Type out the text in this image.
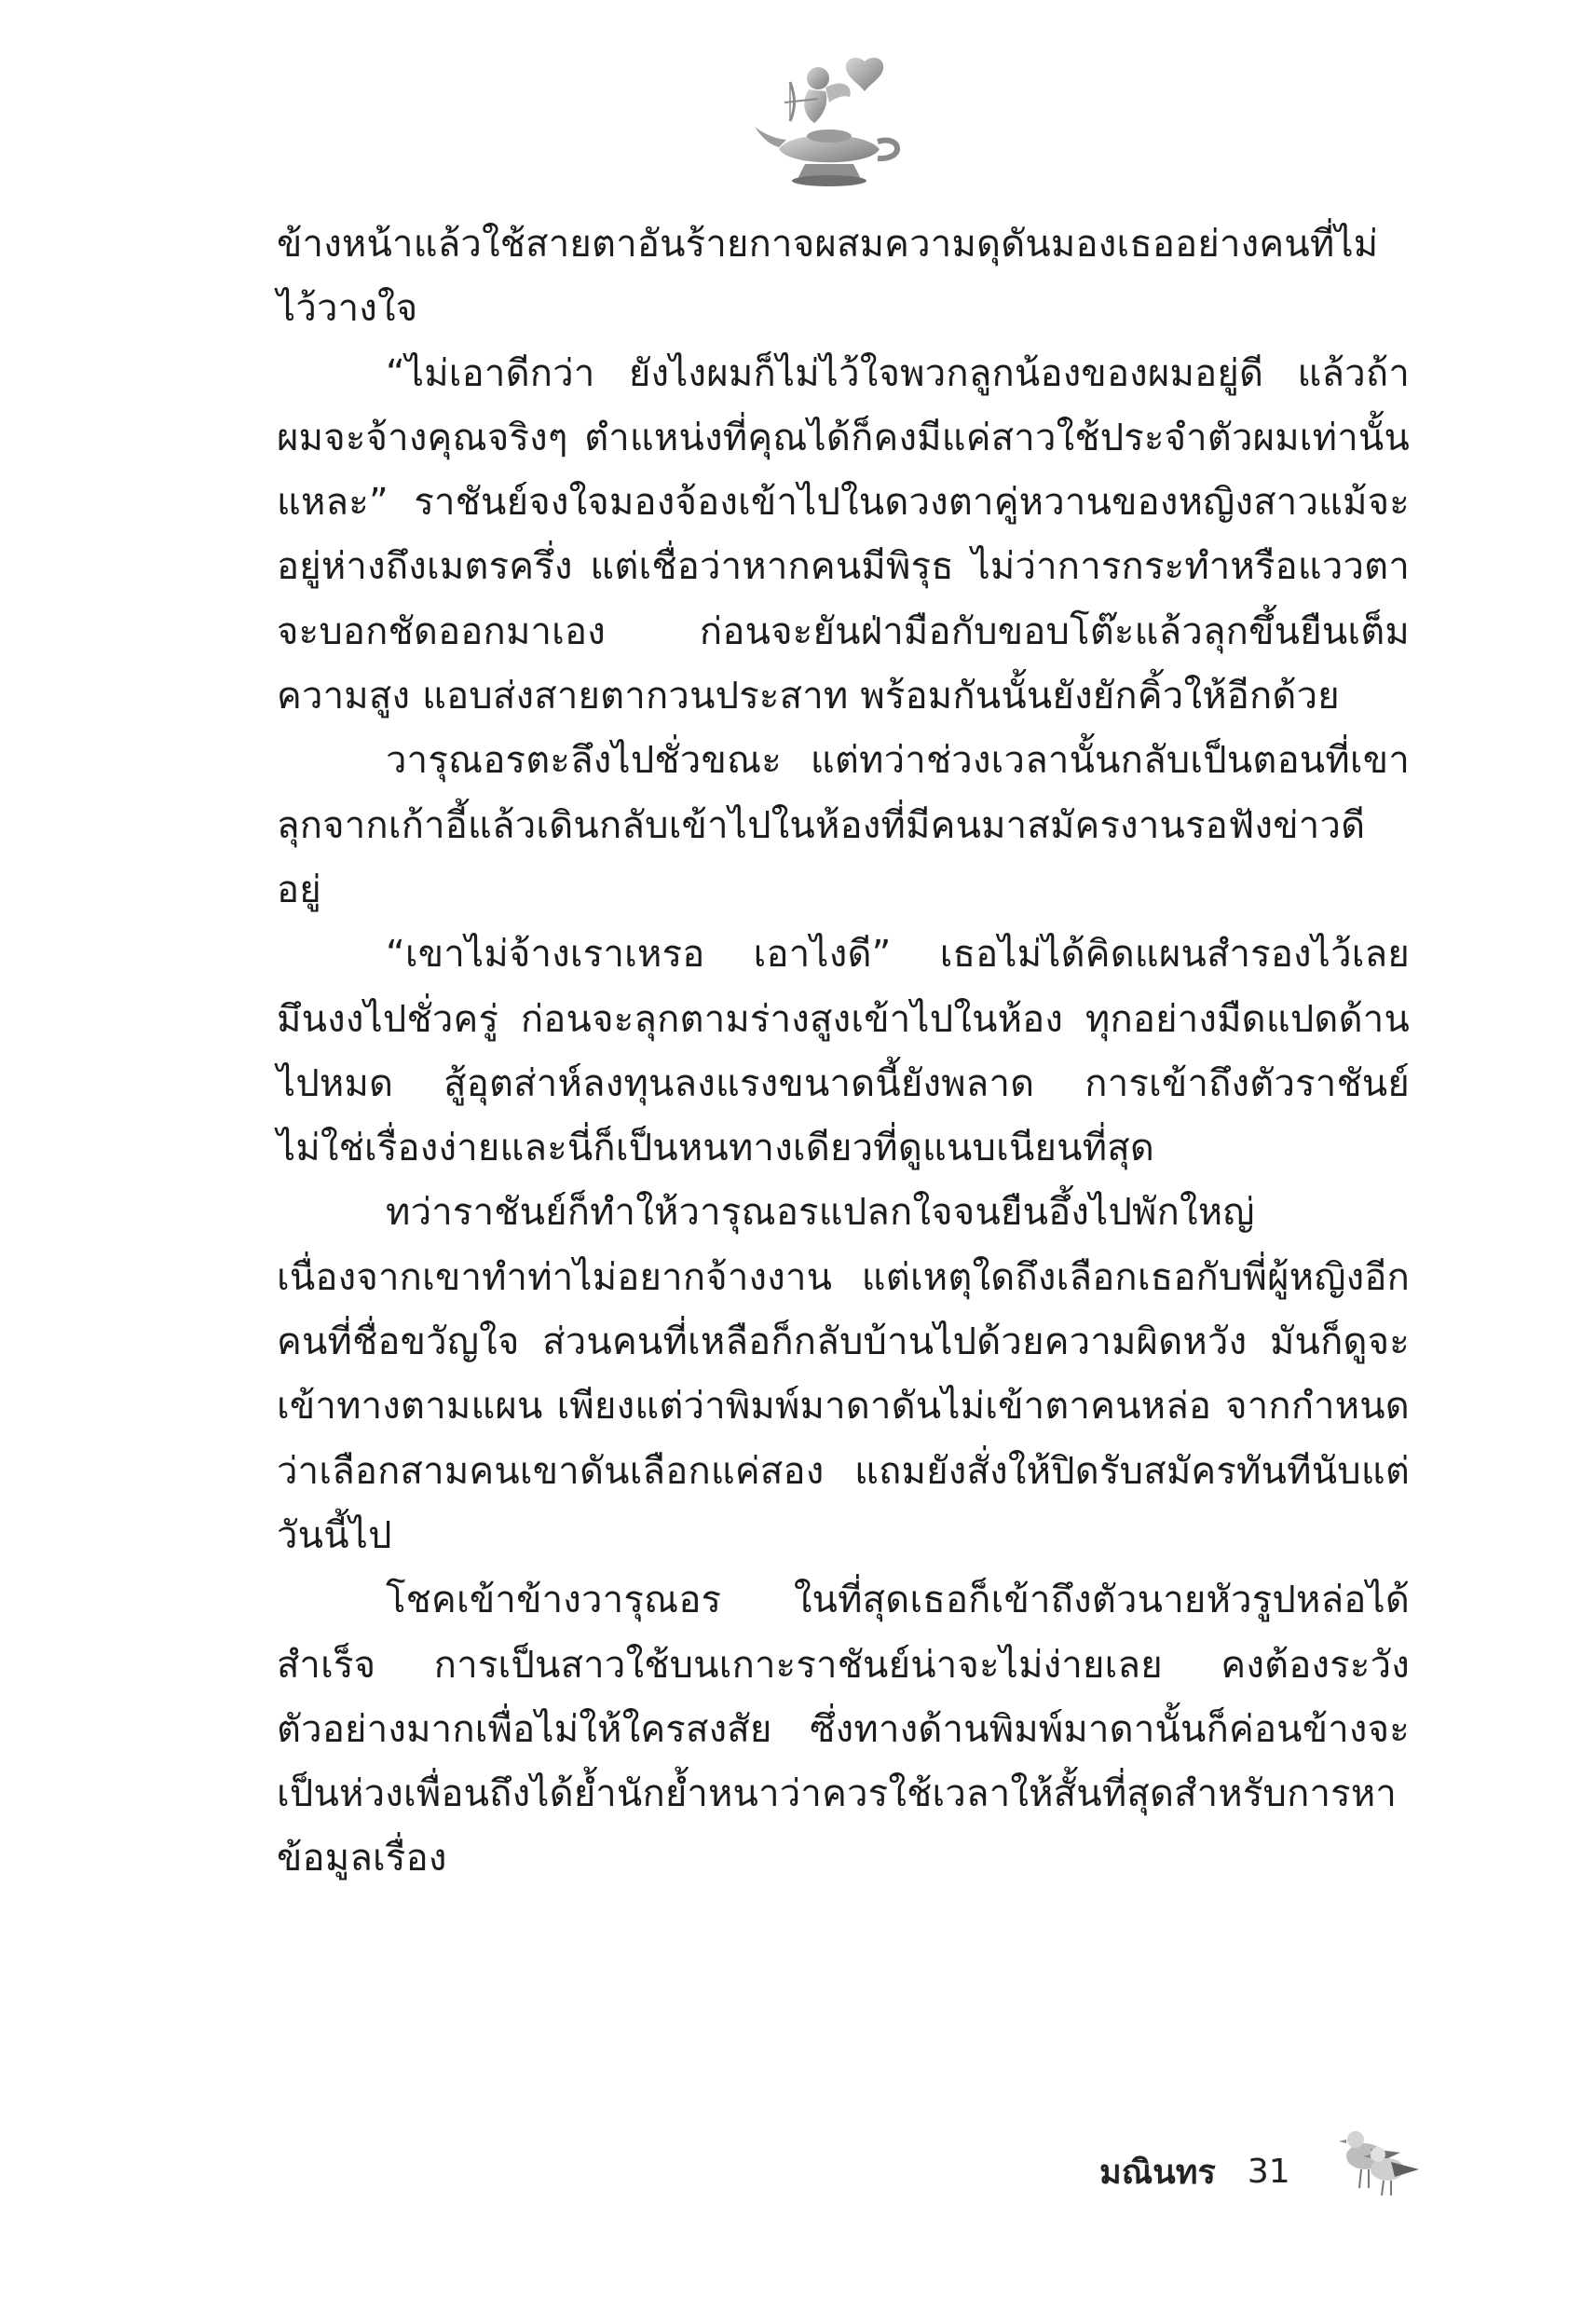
ข้างหน้าแล้วใช้สายตาอันร้ายกาจผสมความดุดันมองเธออย่างคนที่ไม่ไว้วางใจ

“ไม่เอาดีกว่า ยังไงผมก็ไม่ไว้ใจพวกลูกน้องของผมอยู่ดี แล้วถ้าผมจะจ้างคุณจริงๆ ตำแหน่งที่คุณได้ก็คงมีแค่สาวใช้ประจำตัวผมเท่านั้นแหละ” ราชันย์จงใจมองจ้องเข้าไปในดวงตาคู่หวานของหญิงสาวแม้จะอยู่ห่างถึงเมตรครึ่ง แต่เชื่อว่าหากคนมีพิรุธ ไม่ว่าการกระทำหรือแววตาจะบอกชัดออกมาเอง ก่อนจะยันฝ่ามือกับขอบโต๊ะแล้วลุกขึ้นยืนเต็มความสูง แอบส่งสายตากวนประสาท พร้อมกันนั้นยังยักคิ้วให้อีกด้วย

วารุณอรตะลึงไปชั่วขณะ แต่ทว่าช่วงเวลานั้นกลับเป็นตอนที่เขาลุกจากเก้าอี้แล้วเดินกลับเข้าไปในห้องที่มีคนมาสมัครงานรอฟังข่าวดีอยู่

“เขาไม่จ้างเราเหรอ เอาไงดี” เธอไม่ได้คิดแผนสำรองไว้เลยมึนงงไปชั่วครู่ ก่อนจะลุกตามร่างสูงเข้าไปในห้อง ทุกอย่างมืดแปดด้านไปหมด สู้อุตส่าห์ลงทุนลงแรงขนาดนี้ยังพลาด การเข้าถึงตัวราชันย์ไม่ใช่เรื่องง่ายและนี่ก็เป็นหนทางเดียวที่ดูแนบเนียนที่สุด

ทว่าราชันย์ก็ทำให้วารุณอรแปลกใจจนยืนอึ้งไปพักใหญ่ เนื่องจากเขาทำท่าไม่อยากจ้างงาน แต่เหตุใดถึงเลือกเธอกับพี่ผู้หญิงอีกคนที่ชื่อขวัญใจ ส่วนคนที่เหลือก็กลับบ้านไปด้วยความผิดหวัง มันก็ดูจะเข้าทางตามแผน เพียงแต่ว่าพิมพ์มาดาดันไม่เข้าตาคนหล่อ จากกำหนดว่าเลือกสามคนเขาดันเลือกแค่สอง แถมยังสั่งให้ปิดรับสมัครทันทีนับแต่วันนี้ไป

โชคเข้าข้างวารุณอร ในที่สุดเธอก็เข้าถึงตัวนายหัวรูปหล่อได้สำเร็จ การเป็นสาวใช้บนเกาะราชันย์น่าจะไม่ง่ายเลย คงต้องระวังตัวอย่างมากเพื่อไม่ให้ใครสงสัย ซึ่งทางด้านพิมพ์มาดานั้นก็ค่อนข้างจะเป็นห่วงเพื่อนถึงได้ย้ำนักย้ำหนาว่าควรใช้เวลาให้สั้นที่สุดสำหรับการหาข้อมูลเรื่อง

มณินทร 31
